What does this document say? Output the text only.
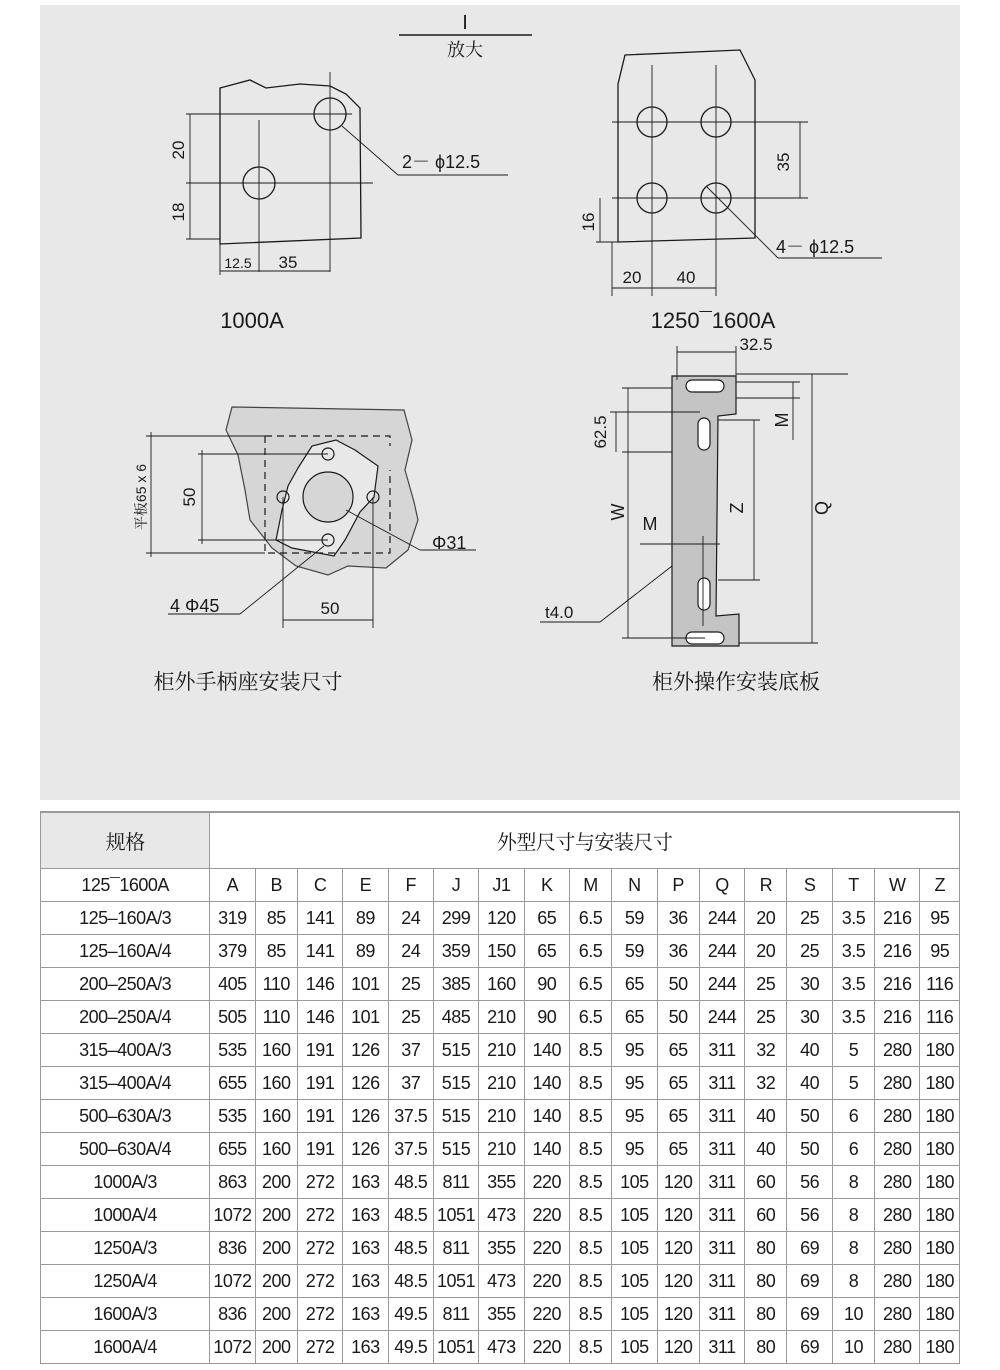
I
放大
20
18
12.5 35
2－ ϕ12.5
1000A
35
16
20 40
4－ ϕ12.5
1250¯1600A
平板65 x 6 50
Φ31
4 Φ45	50
柜外手柄座安装尺寸
32.5
62.5	M
W
M
Z	Q
t4.0
柜外操作安装底板
规格	外型尺寸与安装尺寸																
125¯1600A	A	B	C	E	F	J	J1	K	M	N	P	Q	R	S	T	W	Z
125–160A/3	319	85	141	89	24	299	120	65	6.5	59	36	244	20	25	3.5	216	95
125–160A/4	379	85	141	89	24	359	150	65	6.5	59	36	244	20	25	3.5	216	95
200–250A/3	405	110	146	101	25	385	160	90	6.5	65	50	244	25	30	3.5	216	116
200–250A/4	505	110	146	101	25	485	210	90	6.5	65	50	244	25	30	3.5	216	116
315–400A/3	535	160	191	126	37	515	210	140	8.5	95	65	311	32	40	5	280	180
315–400A/4	655	160	191	126	37	515	210	140	8.5	95	65	311	32	40	5	280	180
500–630A/3	535	160	191	126	37.5	515	210	140	8.5	95	65	311	40	50	6	280	180
500–630A/4	655	160	191	126	37.5	515	210	140	8.5	95	65	311	40	50	6	280	180
1000A/3	863	200	272	163	48.5	811	355	220	8.5	105	120	311	60	56	8	280	180
1000A/4	1072	200	272	163	48.5	1051	473	220	8.5	105	120	311	60	56	8	280	180
1250A/3	836	200	272	163	48.5	811	355	220	8.5	105	120	311	80	69	8	280	180
1250A/4	1072	200	272	163	48.5	1051	473	220	8.5	105	120	311	80	69	8	280	180
1600A/3	836	200	272	163	49.5	811	355	220	8.5	105	120	311	80	69	10	280	180
1600A/4	1072	200	272	163	49.5	1051	473	220	8.5	105	120	311	80	69	10	280	180
